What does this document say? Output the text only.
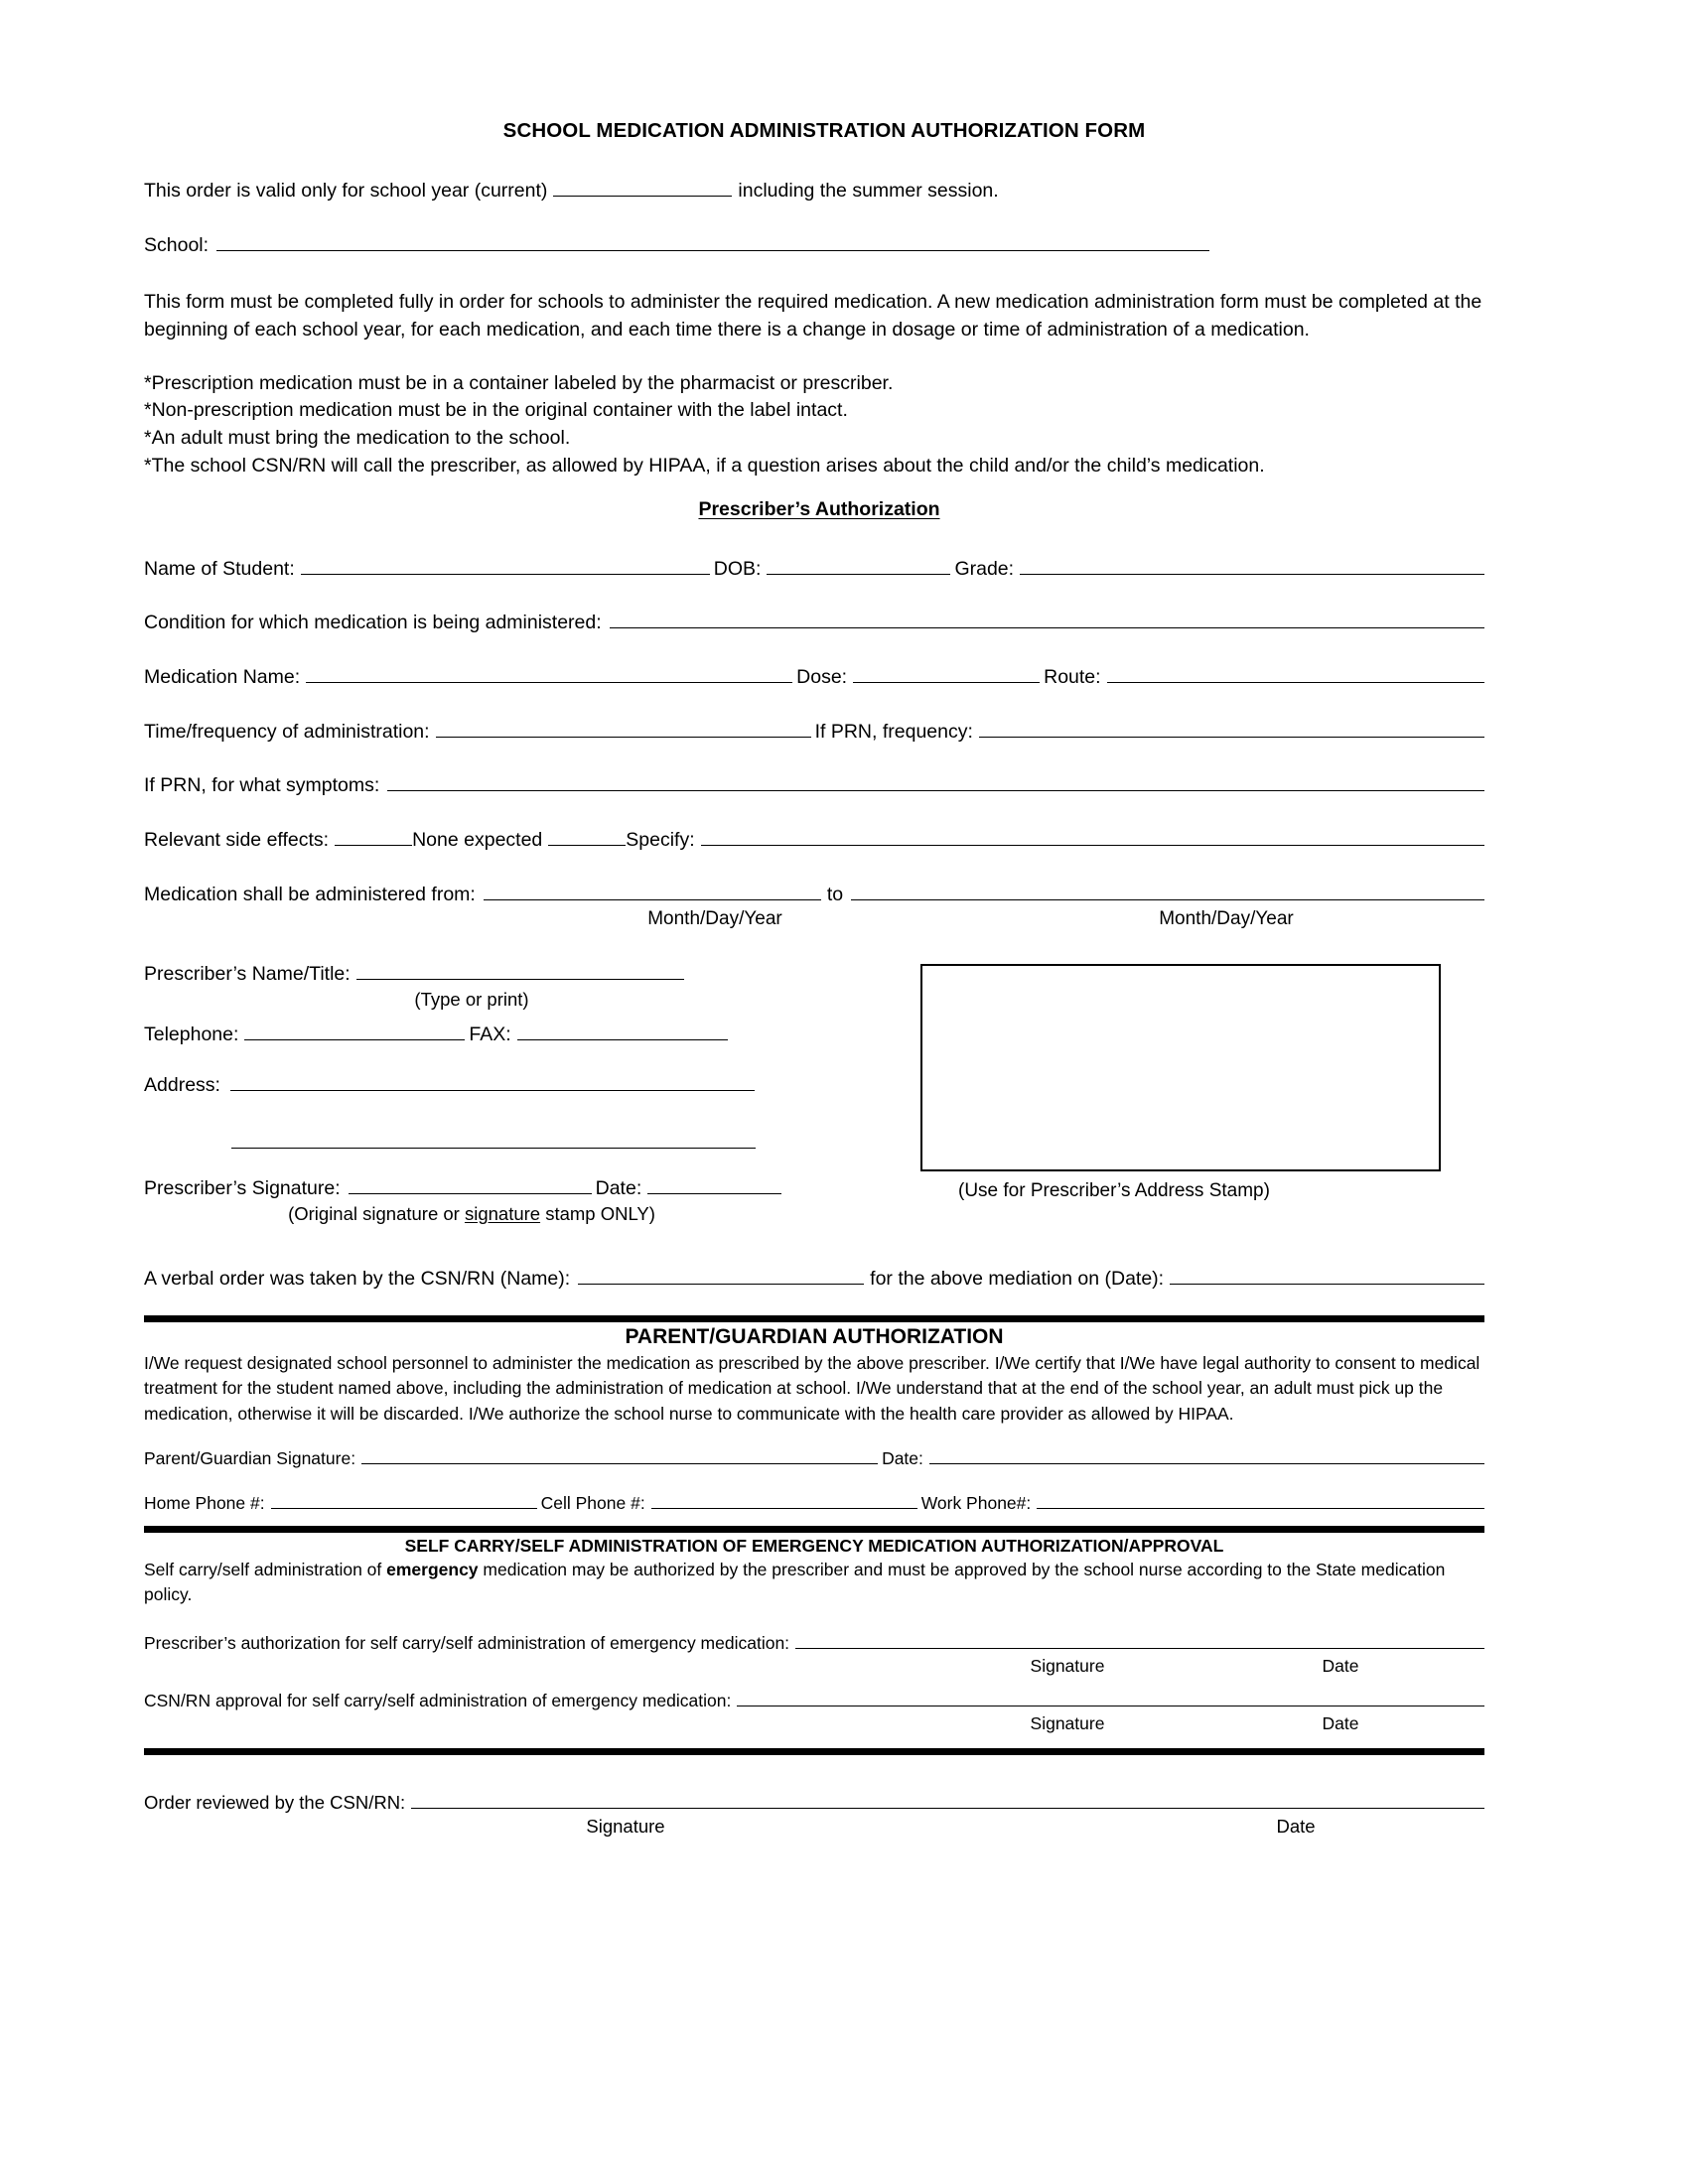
SCHOOL MEDICATION ADMINISTRATION AUTHORIZATION FORM
This order is valid only for school year (current)	including the summer session.
School:
This form must be completed fully in order for schools to administer the required medication. A new medication administration form must be completed at the beginning of each school year, for each medication, and each time there is a change in dosage or time of administration of a medication.
*Prescription medication must be in a container labeled by the pharmacist or prescriber.
*Non-prescription medication must be in the original container with the label intact.
*An adult must bring the medication to the school.
*The school CSN/RN will call the prescriber, as allowed by HIPAA, if a question arises about the child and/or the child’s medication.
Prescriber’s Authorization
Name of Student:	DOB:	Grade:
Condition for which medication is being administered:
Medication Name:	Dose:	Route:
Time/frequency of administration:	If PRN, frequency:
If PRN, for what symptoms:
Relevant side effects:	None expected	Specify:
Medication shall be administered from:	to
Month/Day/Year	Month/Day/Year
Prescriber’s Name/Title:
(Type or print)
Telephone:	FAX:
Address:
Prescriber’s Signature:	Date:
(Original signature or signature stamp ONLY)
(Use for Prescriber’s Address Stamp)
A verbal order was taken by the CSN/RN (Name):	for the above mediation on (Date):
PARENT/GUARDIAN AUTHORIZATION
I/We request designated school personnel to administer the medication as prescribed by the above prescriber. I/We certify that I/We have legal authority to consent to medical treatment for the student named above, including the administration of medication at school. I/We understand that at the end of the school year, an adult must pick up the medication, otherwise it will be discarded. I/We authorize the school nurse to communicate with the health care provider as allowed by HIPAA.
Parent/Guardian Signature:	Date:
Home Phone #:	Cell Phone #:	Work Phone#:
SELF CARRY/SELF ADMINISTRATION OF EMERGENCY MEDICATION AUTHORIZATION/APPROVAL
Self carry/self administration of emergency medication may be authorized by the prescriber and must be approved by the school nurse according to the State medication policy.
Prescriber’s authorization for self carry/self administration of emergency medication:
Signature	Date
CSN/RN approval for self carry/self administration of emergency medication:
Signature	Date
Order reviewed by the CSN/RN:
Signature	Date
